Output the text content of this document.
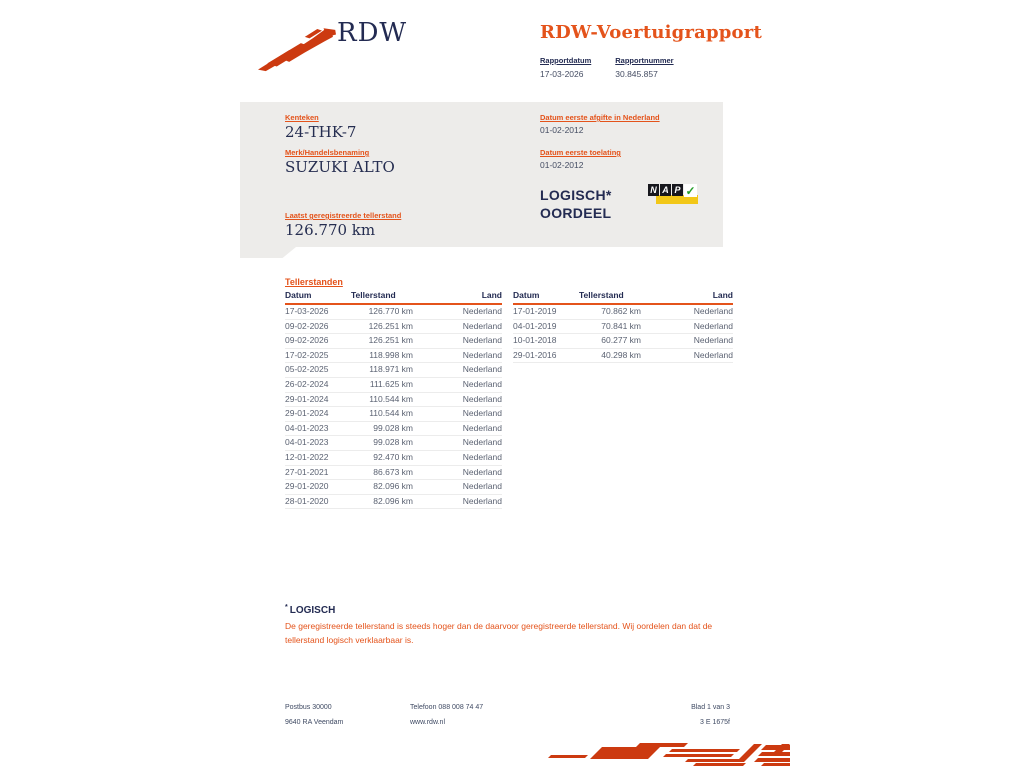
RDW	RDW-Voertuigrapport
Rapportdatum
17-03-2026
Rapportnummer
30.845.857
Kenteken
24-THK-7
Merk/Handelsbenaming
SUZUKI ALTO
Laatst geregistreerde tellerstand
126.770 km
Datum eerste afgifte in Nederland
01-02-2012
Datum eerste toelating
01-02-2012
LOGISCH*
OORDEEL
N A P ✓
Tellerstanden
Datum	Tellerstand	Land
17-03-2026	126.770 km	Nederland
09-02-2026	126.251 km	Nederland
09-02-2026	126.251 km	Nederland
17-02-2025	118.998 km	Nederland
05-02-2025	118.971 km	Nederland
26-02-2024	111.625 km	Nederland
29-01-2024	110.544 km	Nederland
29-01-2024	110.544 km	Nederland
04-01-2023	99.028 km	Nederland
04-01-2023	99.028 km	Nederland
12-01-2022	92.470 km	Nederland
27-01-2021	86.673 km	Nederland
29-01-2020	82.096 km	Nederland
28-01-2020	82.096 km	Nederland
Datum	Tellerstand	Land
17-01-2019	70.862 km	Nederland
04-01-2019	70.841 km	Nederland
10-01-2018	60.277 km	Nederland
29-01-2016	40.298 km	Nederland
* LOGISCH
De geregistreerde tellerstand is steeds hoger dan de daarvoor geregistreerde tellerstand. Wij oordelen dan dat de tellerstand logisch verklaarbaar is.
Postbus 30000
9640 RA Veendam
Telefoon 088 008 74 47
www.rdw.nl
Blad 1 van 3
3 E 1675f
